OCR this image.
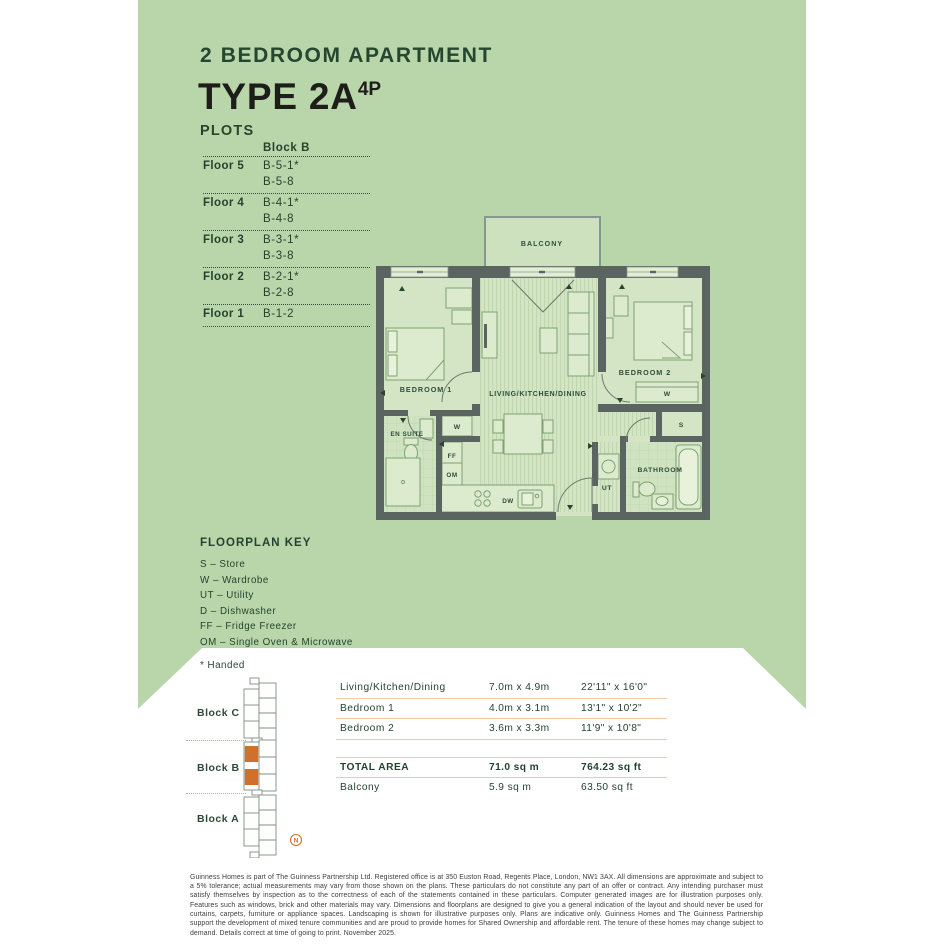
2 BEDROOM APARTMENT
TYPE $2A^{4P}$
PLOTS
Block B
Floor 5	B-5-1*
B-5-8
Floor 4	B-4-1*
B-4-8
Floor 3	B-3-1*
B-3-8
Floor 2	B-2-1*
B-2-8
Floor 1	B-1-2
BALCONY
BEDROOM 1
LIVING/KITCHEN/DINING
BEDROOM 2
EN SUITE
BATHROOM
W
W
S
UT
FF
OM
DW
FLOORPLAN KEY
S – Store
W – Wardrobe
UT – Utility
D – Dishwasher
FF – Fridge Freezer
OM – Single Oven & Microwave
* Handed
Living/Kitchen/Dining	7.0m x 4.9m	22'11" x 16'0"
Bedroom 1	4.0m x 3.1m	13'1" x 10'2"
Bedroom 2	3.6m x 3.3m	11'9" x 10'8"
TOTAL AREA	71.0 sq m	764.23 sq ft
Balcony	5.9 sq m	63.50 sq ft
Block C
Block B
Block A
N

Guinness Homes is part of The Guinness Partnership Ltd. Registered office is at 350 Euston Road, Regents Place, London, NW1 3AX. All dimensions are approximate and subject to a 5% tolerance; actual measurements may vary from those shown on the plans. These particulars do not constitute any part of an offer or contract. Any intending purchaser must satisfy themselves by inspection as to the correctness of each of the statements contained in these particulars. Computer generated images are for illustration purposes only. Features such as windows, brick and other materials may vary. Dimensions and floorplans are designed to give you a general indication of the layout and should never be used for curtains, carpets, furniture or appliance spaces. Landscaping is shown for illustrative purposes only. Plans are indicative only. Guinness Homes and The Guinness Partnership support the development of mixed tenure communities and are proud to provide homes for Shared Ownership and affordable rent. The tenure of these homes may change subject to demand. Details correct at time of going to print. November 2025.
